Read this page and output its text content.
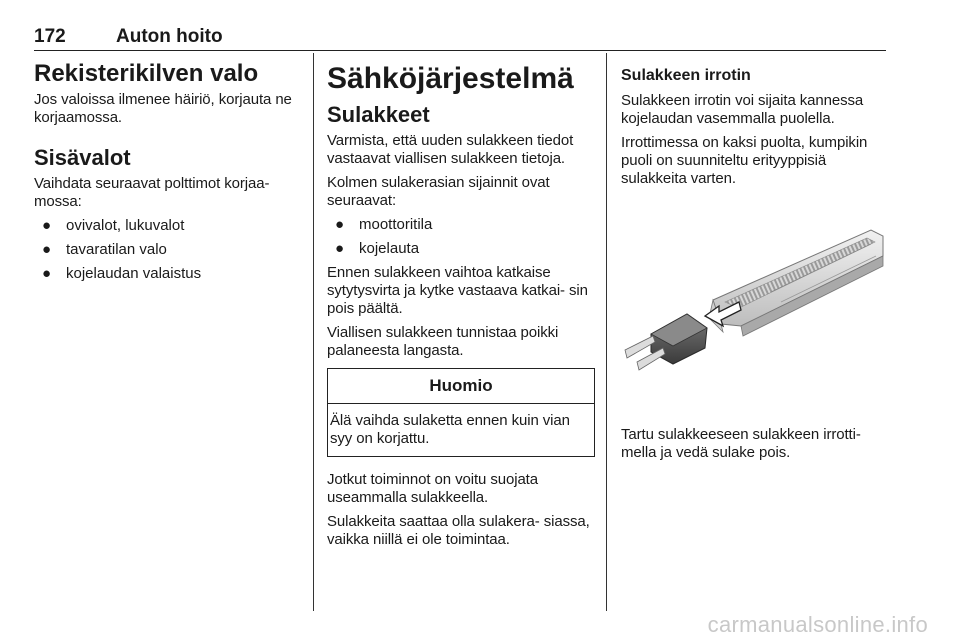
172	Auton hoito
Rekisterikilven valo

Jos valoissa ilmenee häiriö, korjauta ne korjaamossa.

Sisävalot

Vaihdata seuraavat polttimot korjaa- mossa:

● ovivalot, lukuvalot
● tavaratilan valo
● kojelaudan valaistus
Sähköjärjestelmä
Sulakkeet

Varmista, että uuden sulakkeen tiedot vastaavat viallisen sulakkeen tietoja.

Kolmen sulakerasian sijainnit ovat seuraavat:

● moottoritila
● kojelauta

Ennen sulakkeen vaihtoa katkaise sytytysvirta ja kytke vastaava katkai- sin pois päältä.

Viallisen sulakkeen tunnistaa poikki palaneesta langasta.

Huomio

Älä vaihda sulaketta ennen kuin vian syy on korjattu.

Jotkut toiminnot on voitu suojata useammalla sulakkeella.

Sulakkeita saattaa olla sulakera- siassa, vaikka niillä ei ole toimintaa.

Sulakkeen irrotin

Sulakkeen irrotin voi sijaita kannessa kojelaudan vasemmalla puolella.

Irrottimessa on kaksi puolta, kumpikin puoli on suunniteltu erityyppisiä sulakkeita varten.

Tartu sulakkeeseen sulakkeen irrotti- mella ja vedä sulake pois.

carmanualsonline.info
